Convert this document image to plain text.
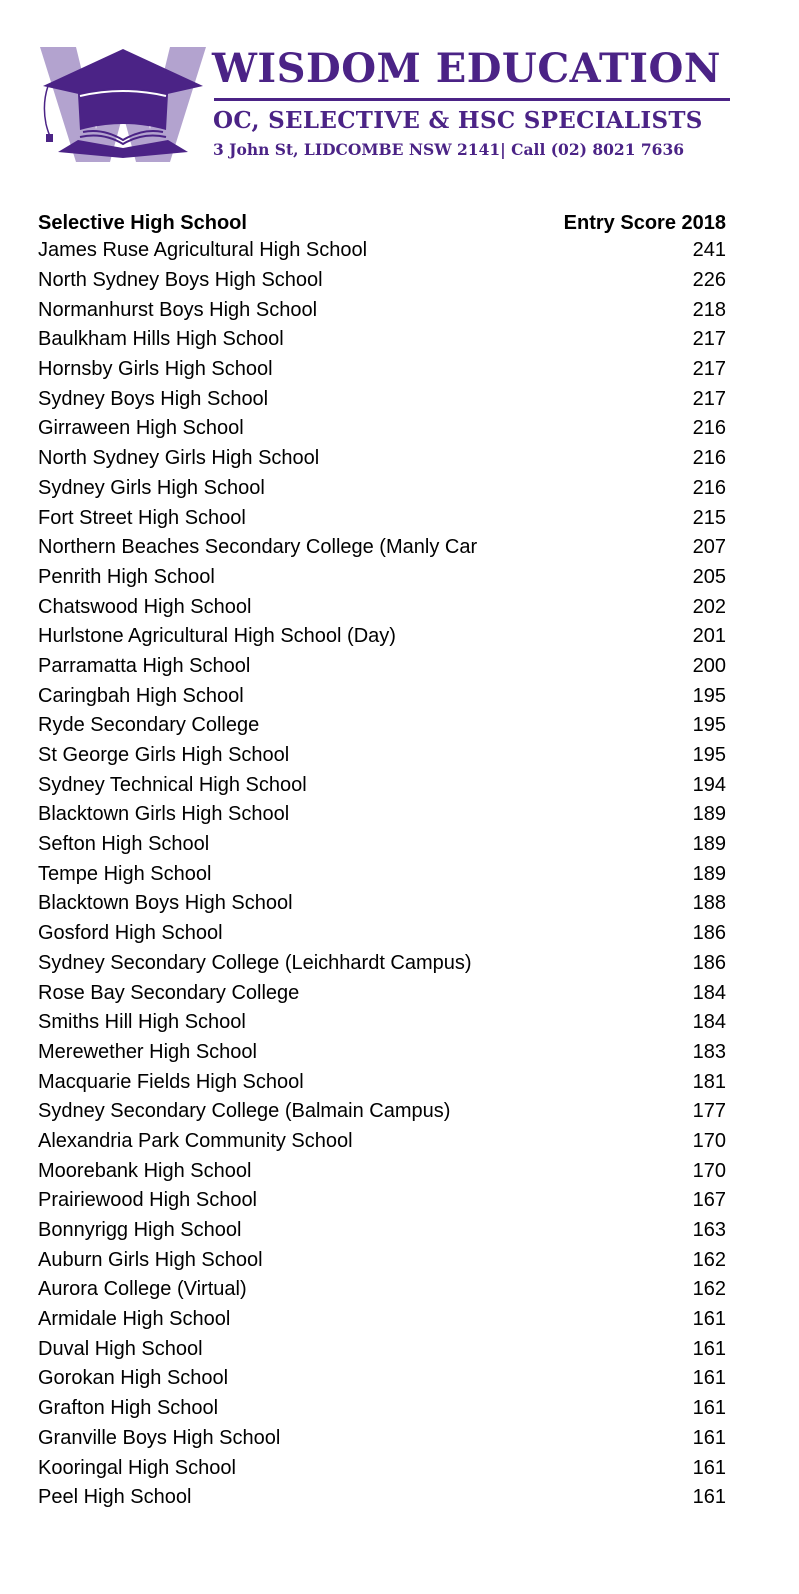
WISDOM EDUCATION
OC, SELECTIVE & HSC SPECIALISTS
3 John St, LIDCOMBE NSW 2141| Call (02) 8021 7636
Selective High School	Entry Score 2018
James Ruse Agricultural High School	241
North Sydney Boys High School	226
Normanhurst Boys High School	218
Baulkham Hills High School	217
Hornsby Girls High School	217
Sydney Boys High School	217
Girraween High School	216
North Sydney Girls High School	216
Sydney Girls High School	216
Fort Street High School	215
Northern Beaches Secondary College (Manly Car	207
Penrith High School	205
Chatswood High School	202
Hurlstone Agricultural High School (Day)	201
Parramatta High School	200
Caringbah High School	195
Ryde Secondary College	195
St George Girls High School	195
Sydney Technical High School	194
Blacktown Girls High School	189
Sefton High School	189
Tempe High School	189
Blacktown Boys High School	188
Gosford High School	186
Sydney Secondary College (Leichhardt Campus)	186
Rose Bay Secondary College	184
Smiths Hill High School	184
Merewether High School	183
Macquarie Fields High School	181
Sydney Secondary College (Balmain Campus)	177
Alexandria Park Community School	170
Moorebank High School	170
Prairiewood High School	167
Bonnyrigg High School	163
Auburn Girls High School	162
Aurora College (Virtual)	162
Armidale High School	161
Duval High School	161
Gorokan High School	161
Grafton High School	161
Granville Boys High School	161
Kooringal High School	161
Peel High School	161
